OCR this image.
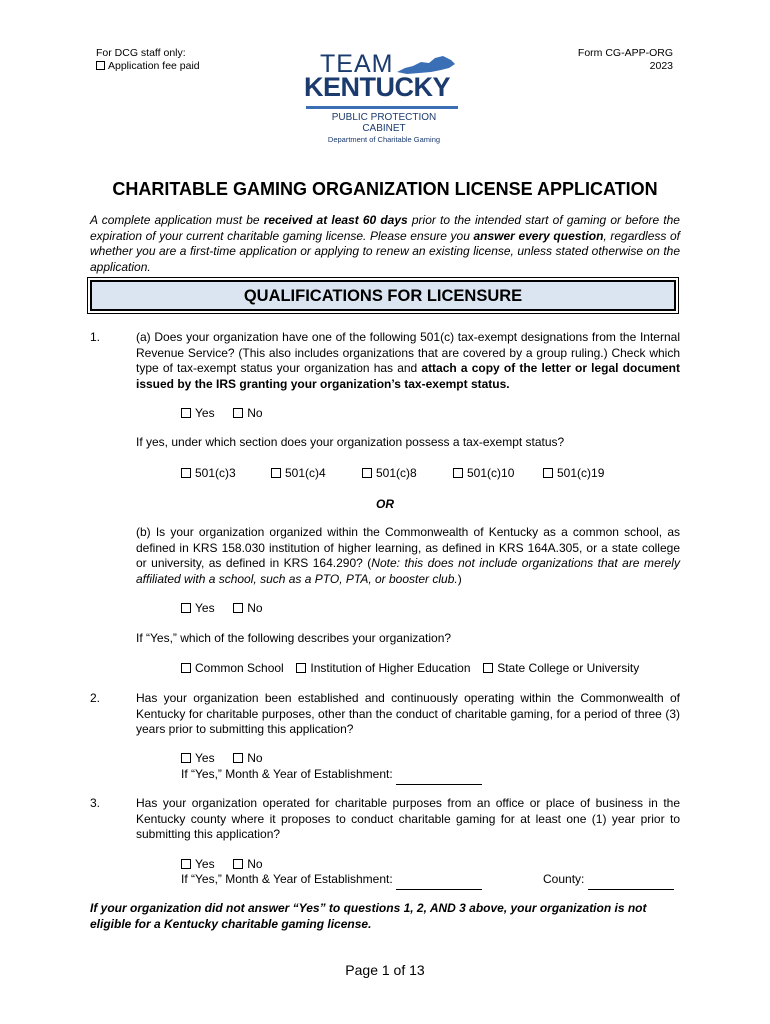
For DCG staff only:
Application fee paid
Form CG-APP-ORG
2023
TEAM
KENTUCKY
PUBLIC PROTECTION
CABINET
Department of Charitable Gaming
CHARITABLE GAMING ORGANIZATION LICENSE APPLICATION
A complete application must be received at least 60 days prior to the intended start of gaming or before the expiration of your current charitable gaming license. Please ensure you answer every question, regardless of whether you are a first-time application or applying to renew an existing license, unless stated otherwise on the application.
QUALIFICATIONS FOR LICENSURE
1.	(a) Does your organization have one of the following 501(c) tax-exempt designations from the Internal Revenue Service? (This also includes organizations that are covered by a group ruling.) Check which type of tax-exempt status your organization has and attach a copy of the letter or legal document issued by the IRS granting your organization’s tax-exempt status.
Yes	No
If yes, under which section does your organization possess a tax-exempt status?
501(c)3	501(c)4	501(c)8	501(c)10	501(c)19
OR
(b) Is your organization organized within the Commonwealth of Kentucky as a common school, as defined in KRS 158.030 institution of higher learning, as defined in KRS 164A.305, or a state college or university, as defined in KRS 164.290? (Note: this does not include organizations that are merely affiliated with a school, such as a PTO, PTA, or booster club.)
Yes	No
If “Yes,” which of the following describes your organization?
Common School Institution of Higher Education State College or University
2.	Has your organization been established and continuously operating within the Commonwealth of Kentucky for charitable purposes, other than the conduct of charitable gaming, for a period of three (3) years prior to submitting this application?
Yes	No
If “Yes,” Month & Year of Establishment:
3.	Has your organization operated for charitable purposes from an office or place of business in the Kentucky county where it proposes to conduct charitable gaming for at least one (1) year prior to submitting this application?
Yes	No
If “Yes,” Month & Year of Establishment:	County:
If your organization did not answer “Yes” to questions 1, 2, AND 3 above, your organization is not eligible for a Kentucky charitable gaming license.
Page 1 of 13
